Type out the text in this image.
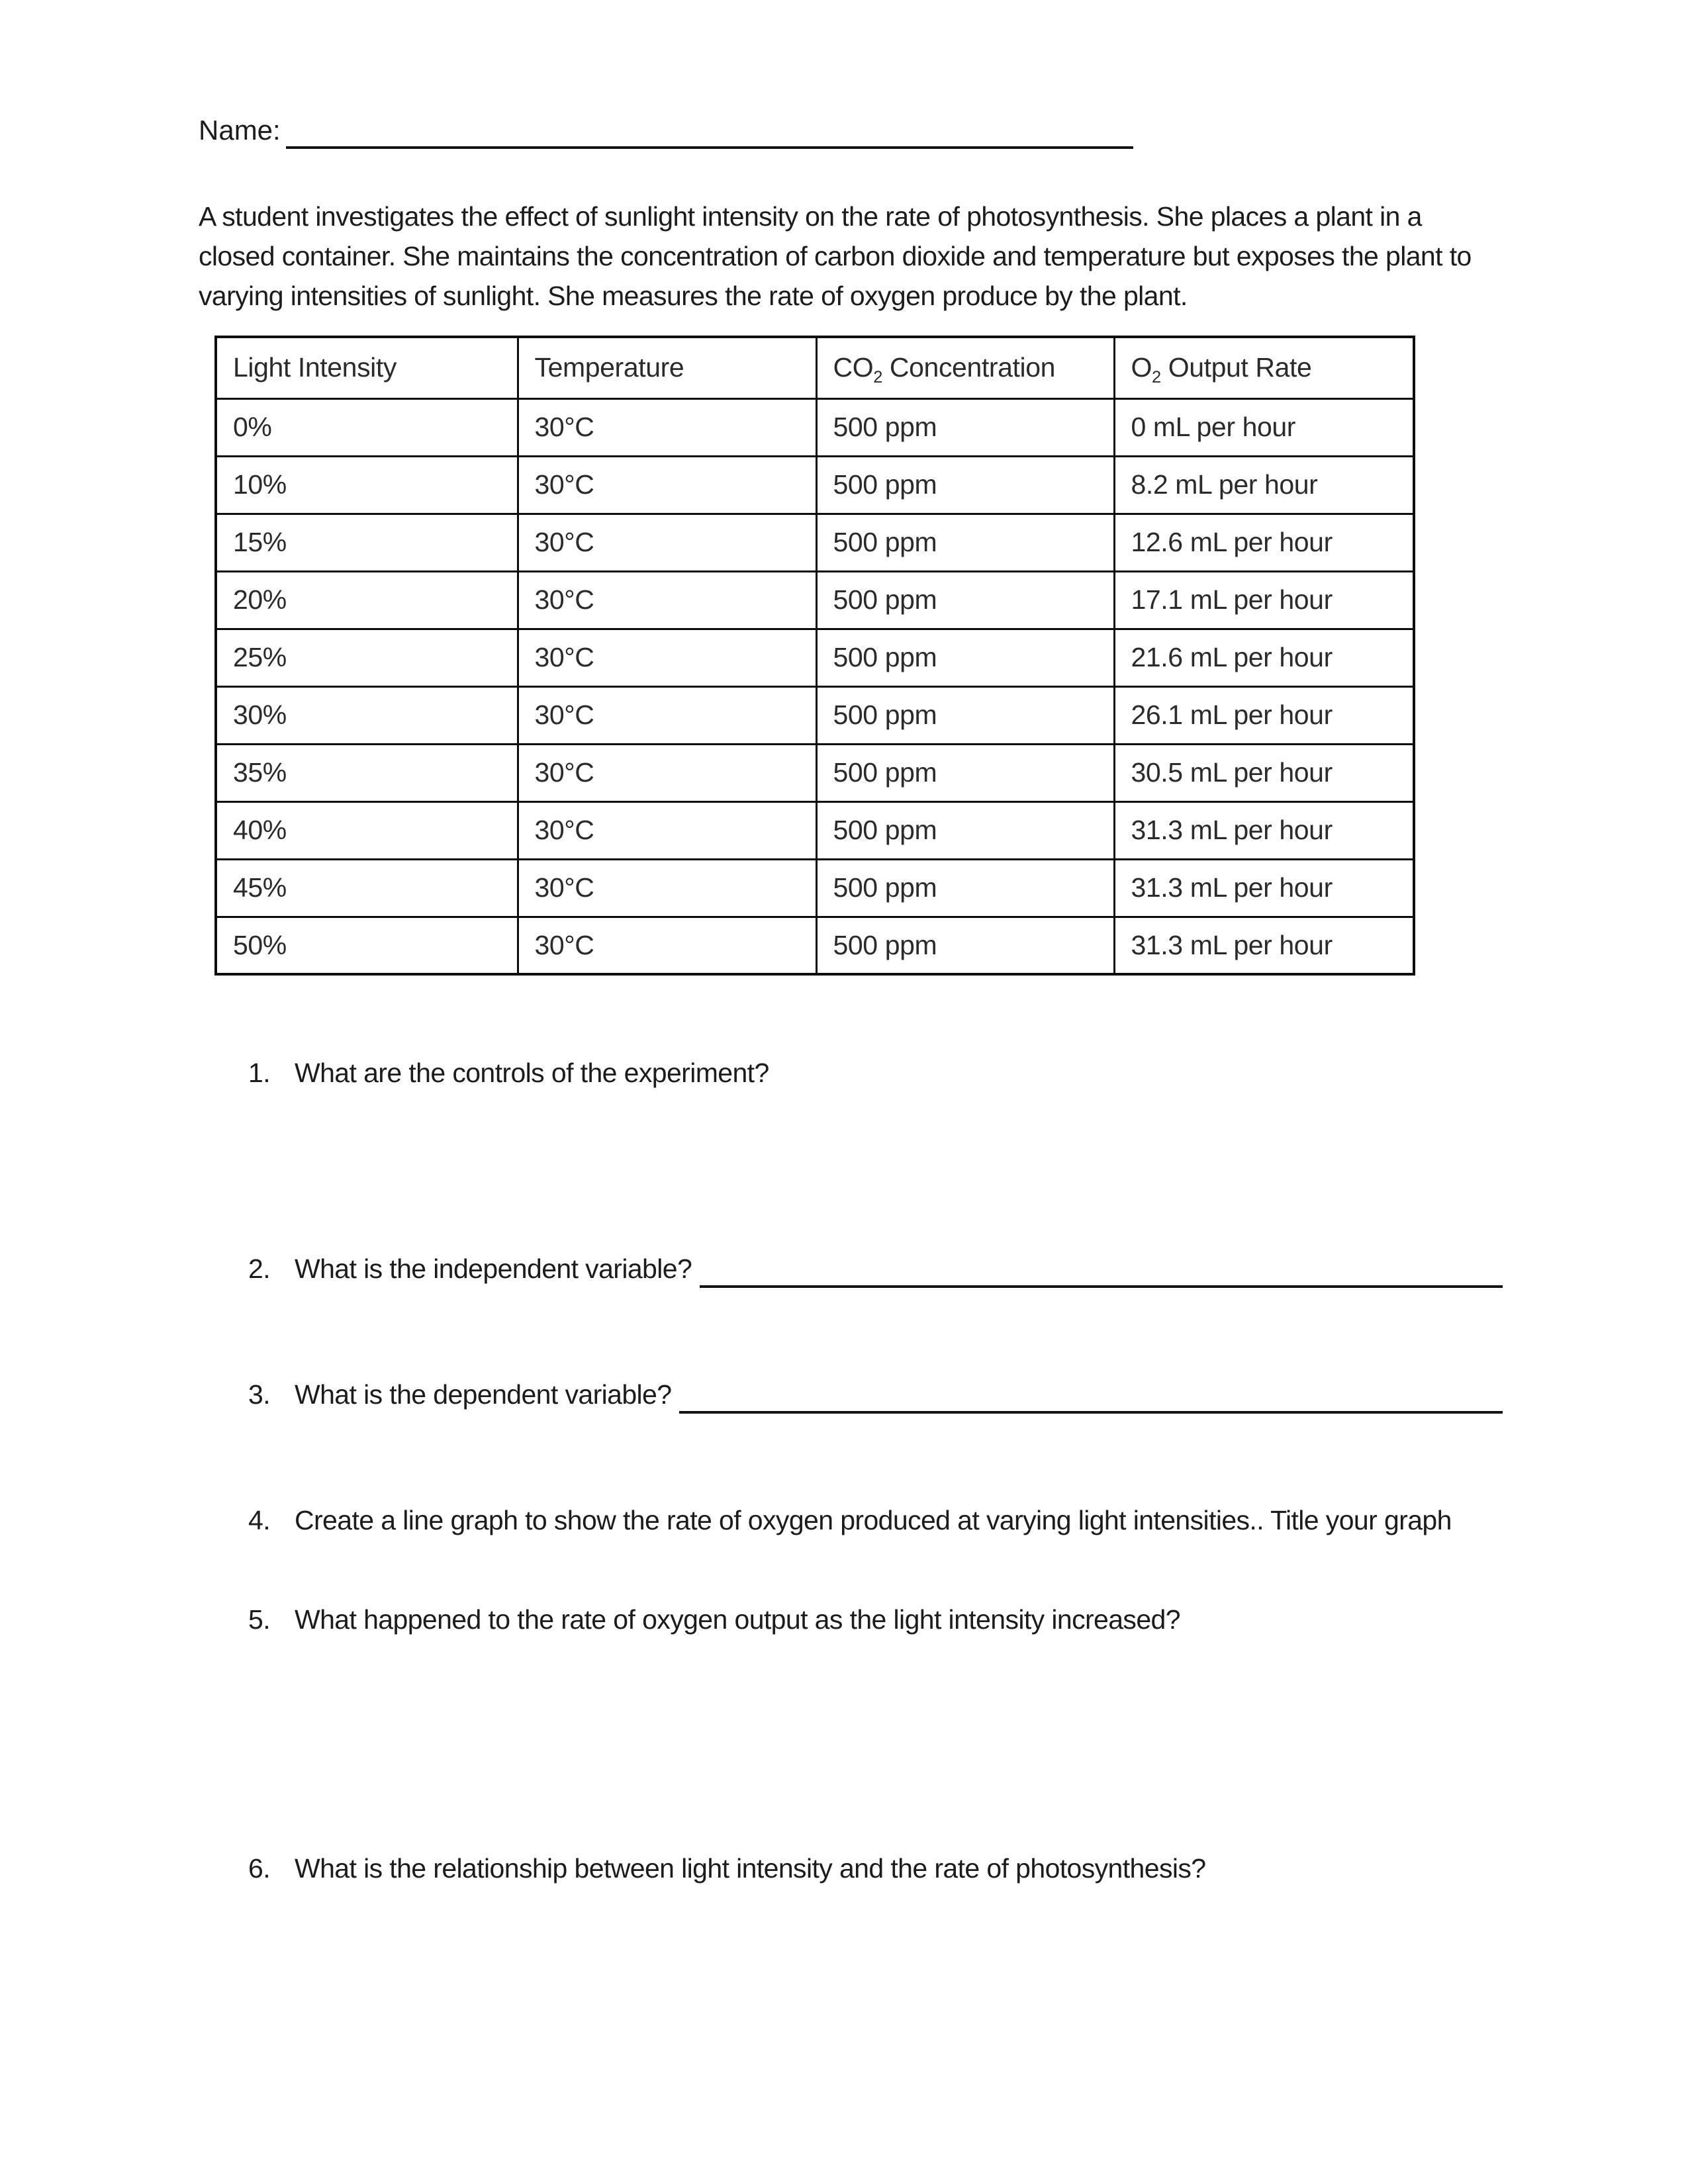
Name:

A student investigates the effect of sunlight intensity on the rate of photosynthesis. She places a plant in a closed container. She maintains the concentration of carbon dioxide and temperature but exposes the plant to varying intensities of sunlight. She measures the rate of oxygen produce by the plant.

Light Intensity	Temperature	$CO_2$ Concentration	$O_2$ Output Rate
0%	30°C	500 ppm	0 mL per hour
10%	30°C	500 ppm	8.2 mL per hour
15%	30°C	500 ppm	12.6 mL per hour
20%	30°C	500 ppm	17.1 mL per hour
25%	30°C	500 ppm	21.6 mL per hour
30%	30°C	500 ppm	26.1 mL per hour
35%	30°C	500 ppm	30.5 mL per hour
40%	30°C	500 ppm	31.3 mL per hour
45%	30°C	500 ppm	31.3 mL per hour
50%	30°C	500 ppm	31.3 mL per hour
1. What are the controls of the experiment?
2. What is the independent variable?
3. What is the dependent variable?
4. Create a line graph to show the rate of oxygen produced at varying light intensities.. Title your graph
5. What happened to the rate of oxygen output as the light intensity increased?
6. What is the relationship between light intensity and the rate of photosynthesis?
